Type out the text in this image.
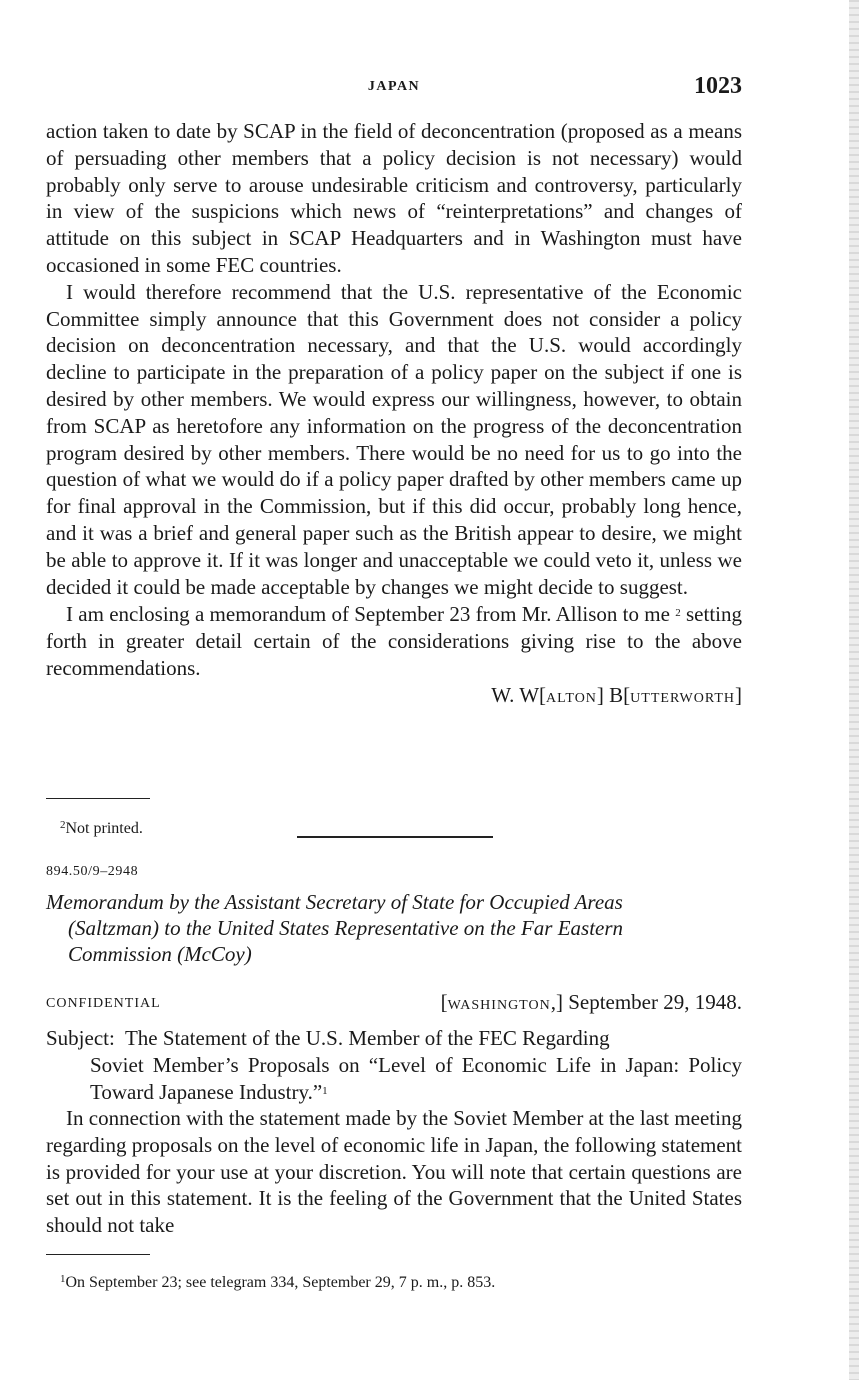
JAPAN	1023

action taken to date by SCAP in the field of deconcentration (proposed as a means of persuading other members that a policy decision is not necessary) would probably only serve to arouse undesirable criticism and controversy, particularly in view of the suspicions which news of “reinterpretations” and changes of attitude on this subject in SCAP Headquarters and in Washington must have occasioned in some FEC countries.

I would therefore recommend that the U.S. representative of the Economic Committee simply announce that this Government does not consider a policy decision on deconcentration necessary, and that the U.S. would accordingly decline to participate in the preparation of a policy paper on the subject if one is desired by other members. We would express our willingness, however, to obtain from SCAP as heretofore any information on the progress of the deconcentration program desired by other members. There would be no need for us to go into the question of what we would do if a policy paper drafted by other members came up for final approval in the Commission, but if this did occur, probably long hence, and it was a brief and general paper such as the British appear to desire, we might be able to approve it. If it was longer and unacceptable we could veto it, unless we decided it could be made acceptable by changes we might decide to suggest.

I am enclosing a memorandum of September 23 from Mr. Allison to me $^2$ setting forth in greater detail certain of the considerations giving rise to the above recommendations.

W. W[ALTON] B[UTTERWORTH]
$^2$Not printed.
894.50/9–2948
Memorandum by the Assistant Secretary of State for Occupied Areas
(Saltzman) to the United States Representative on the Far Eastern
Commission (McCoy)
CONFIDENTIAL	[WASHINGTON,] September 29, 1948.
Subject: The Statement of the U.S. Member of the FEC Regarding
Soviet Member’s Proposals on “Level of Economic Life in Japan: Policy Toward Japanese Industry.”$^1$

In connection with the statement made by the Soviet Member at the last meeting regarding proposals on the level of economic life in Japan, the following statement is provided for your use at your discretion. You will note that certain questions are set out in this statement. It is the feeling of the Government that the United States should not take

$^1$On September 23; see telegram 334, September 29, 7 p. m., p. 853.
